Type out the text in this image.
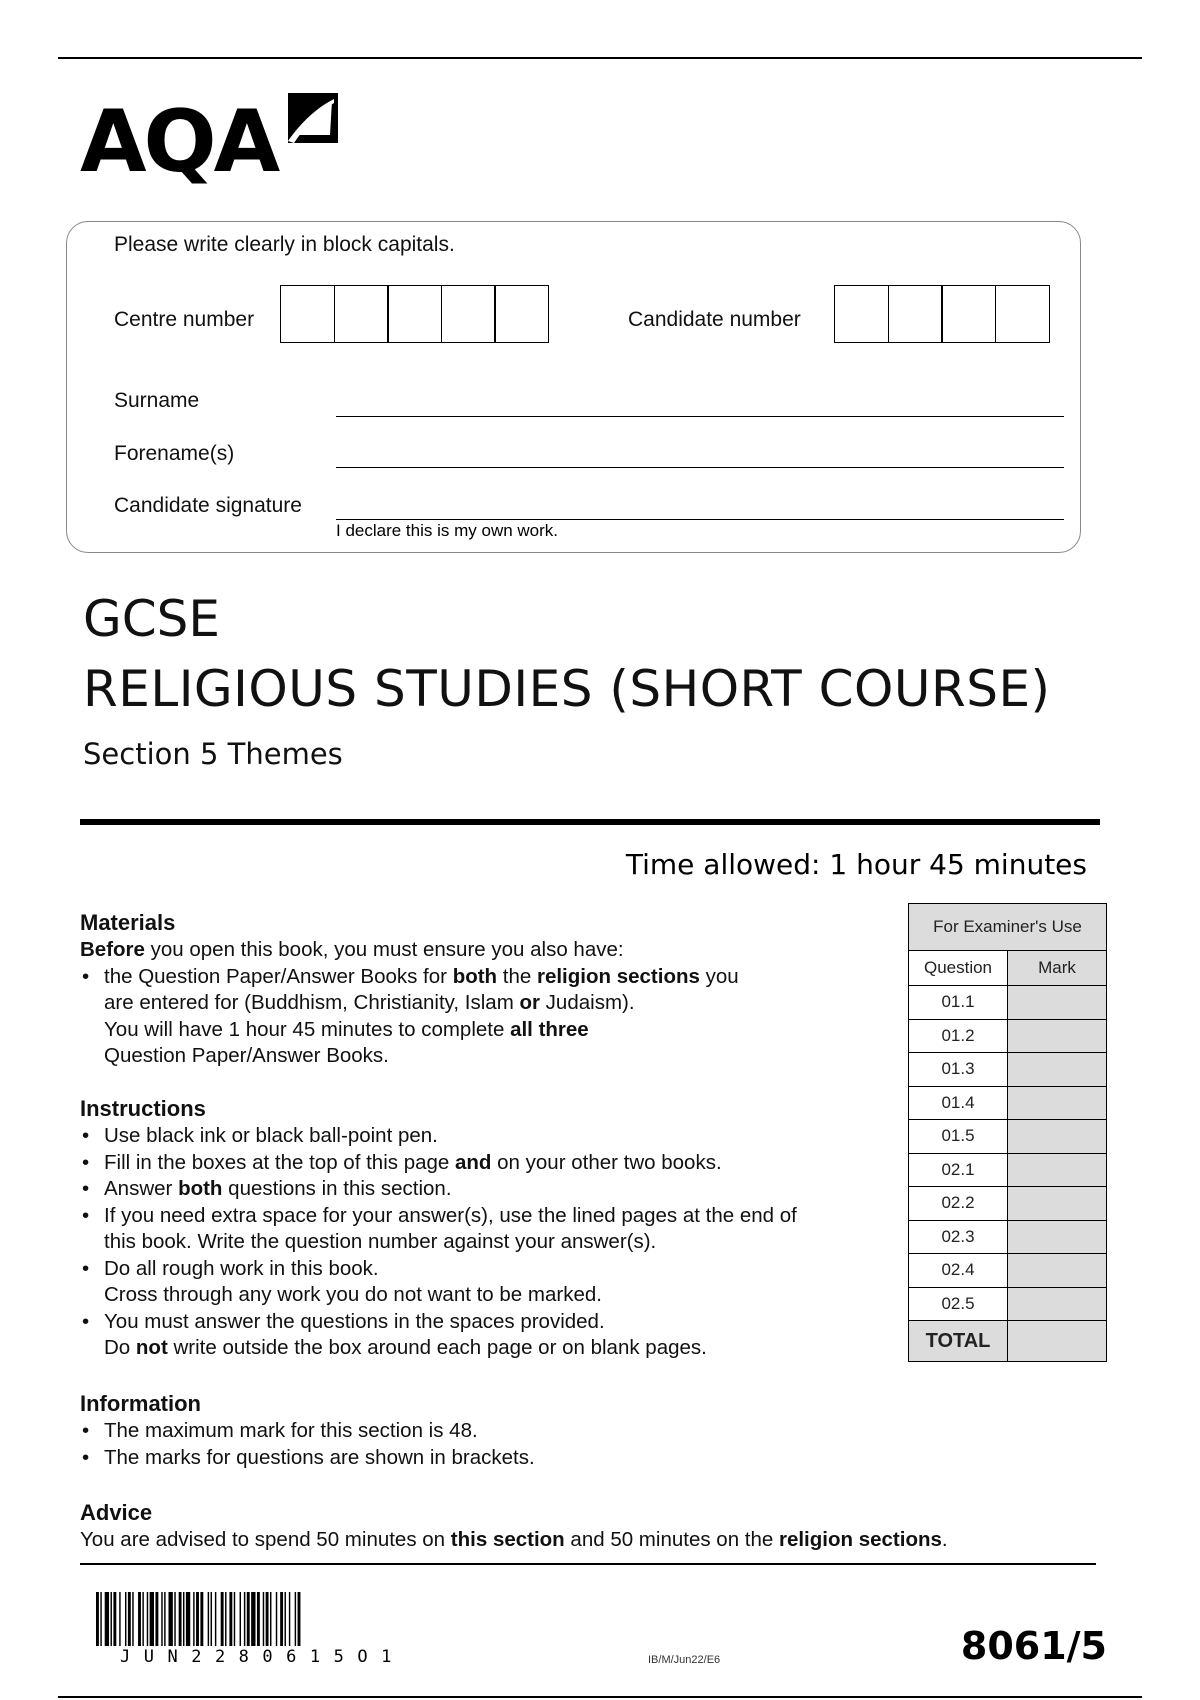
AQA
Please write clearly in block capitals.
Centre number	Candidate number
Surname
Forename(s)
Candidate signature
I declare this is my own work.
GCSE
RELIGIOUS STUDIES (SHORT COURSE)
Section 5 Themes
Time allowed: 1 hour 45 minutes
Materials

Before you open this book, you must ensure you also have:

• the Question Paper/Answer Books for both the religion sections you
are entered for (Buddhism, Christianity, Islam or Judaism).
You will have 1 hour 45 minutes to complete all three
Question Paper/Answer Books.
Instructions
• Use black ink or black ball-point pen.
• Fill in the boxes at the top of this page and on your other two books.
• Answer both questions in this section.
• If you need extra space for your answer(s), use the lined pages at the end of
this book. Write the question number against your answer(s).
• Do all rough work in this book.
Cross through any work you do not want to be marked.
• You must answer the questions in the spaces provided.
Do not write outside the box around each page or on blank pages.
Information
• The maximum mark for this section is 48.
• The marks for questions are shown in brackets.
Advice

You are advised to spend 50 minutes on this section and 50 minutes on the religion sections.

For Examiner's Use	
Question	Mark
01.1	
01.2	
01.3	
01.4	
01.5	
02.1	
02.2	
02.3	
02.4	
02.5	
TOTAL	
JUN2280615O1	IB/M/Jun22/E6	8061/5
